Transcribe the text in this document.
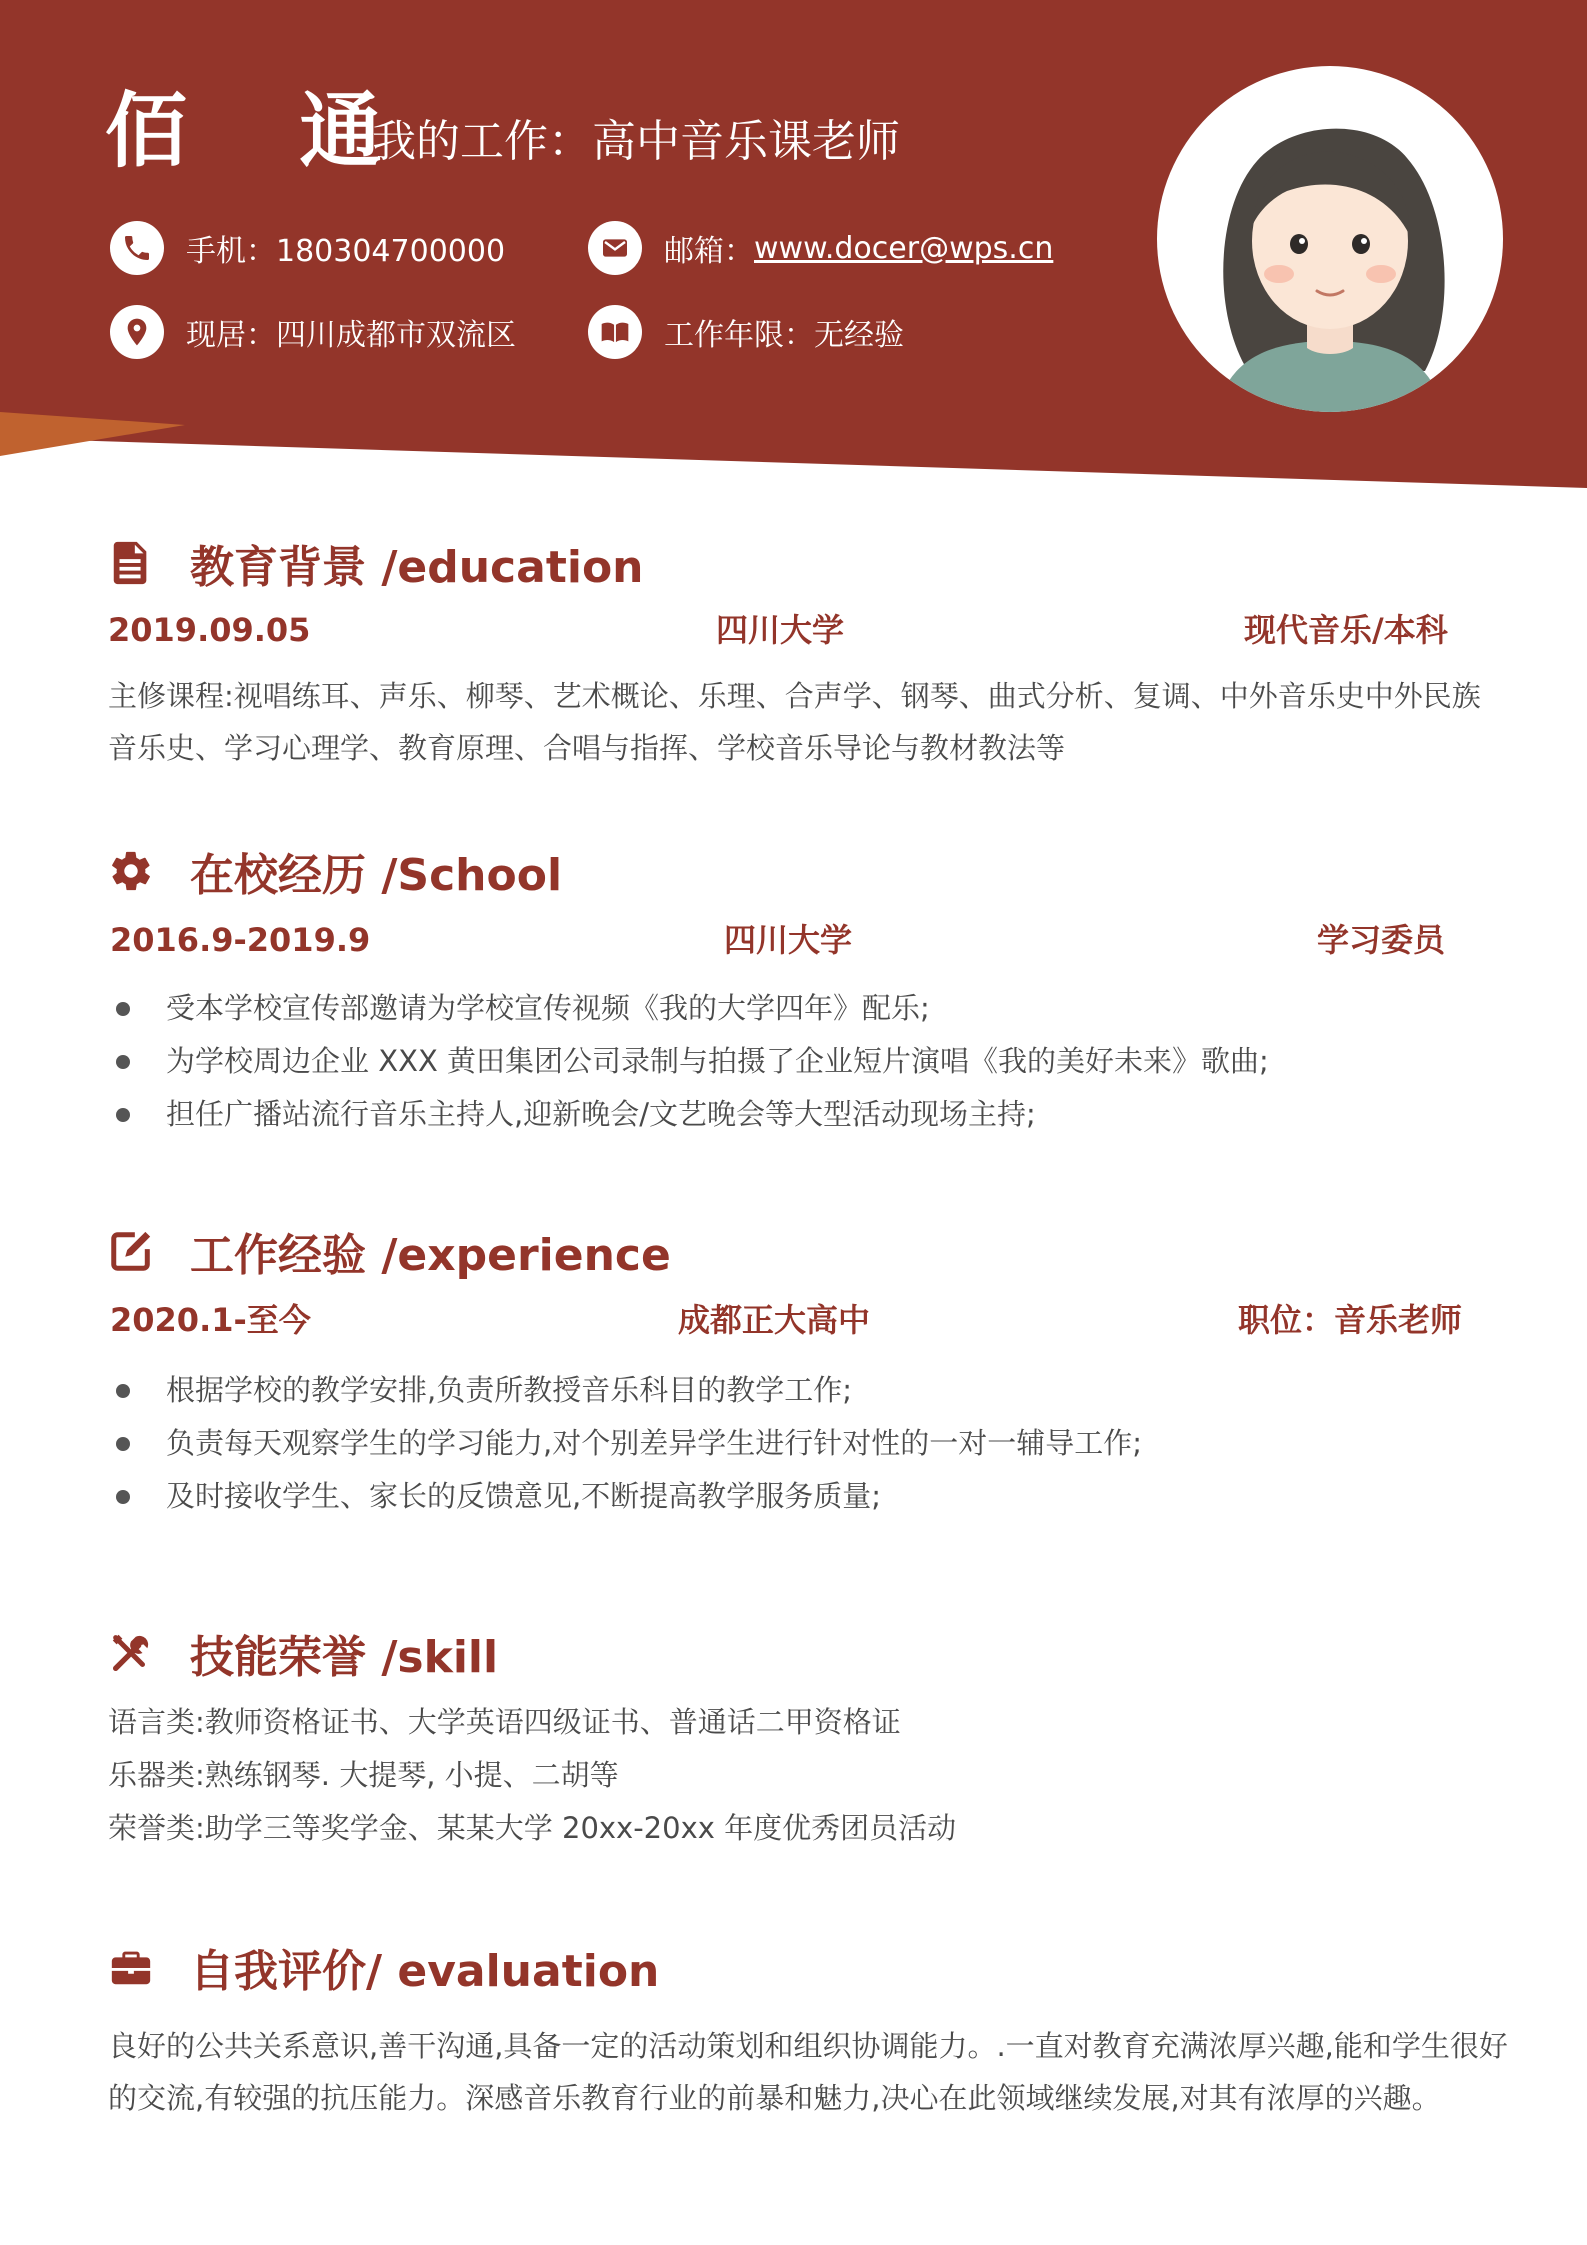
佰 通
我的工作：高中音乐课老师
手机：180304700000	邮箱： www.docer@wps.cn
现居：四川成都市双流区	工作年限：无经验
教育背景 /education
2019.09.05	四川大学	现代音乐/本科

主修课程:视唱练耳、声乐、柳琴、艺术概论、乐理、合声学、钢琴、曲式分析、复调、中外音乐史中外民族音乐史、学习心理学、教育原理、合唱与指挥、学校音乐导论与教材教法等

在校经历 /School
2016.9-2019.9	四川大学	学习委员
受本学校宣传部邀请为学校宣传视频《我的大学四年》配乐;
为学校周边企业 XXX 黄田集团公司录制与拍摄了企业短片演唱《我的美好未来》歌曲;
担任广播站流行音乐主持人,迎新晚会/文艺晚会等大型活动现场主持;
工作经验 /experience
2020.1-至今	成都正大高中	职位：音乐老师
根据学校的教学安排,负责所教授音乐科目的教学工作;
负责每天观察学生的学习能力,对个别差异学生进行针对性的一对一辅导工作;
及时接收学生、家长的反馈意见,不断提高教学服务质量;
技能荣誉 /skill
语言类:教师资格证书、大学英语四级证书、普通话二甲资格证
乐器类:熟练钢琴. 大提琴, 小提、二胡等
荣誉类:助学三等奖学金、某某大学 20xx-20xx 年度优秀团员活动
自我评价/ evaluation

良好的公共关系意识,善干沟通,具备一定的活动策划和组织协调能力。.一直对教育充满浓厚兴趣,能和学生很好的交流,有较强的抗压能力。深感音乐教育行业的前暴和魅力,决心在此领域继续发展,对其有浓厚的兴趣。
